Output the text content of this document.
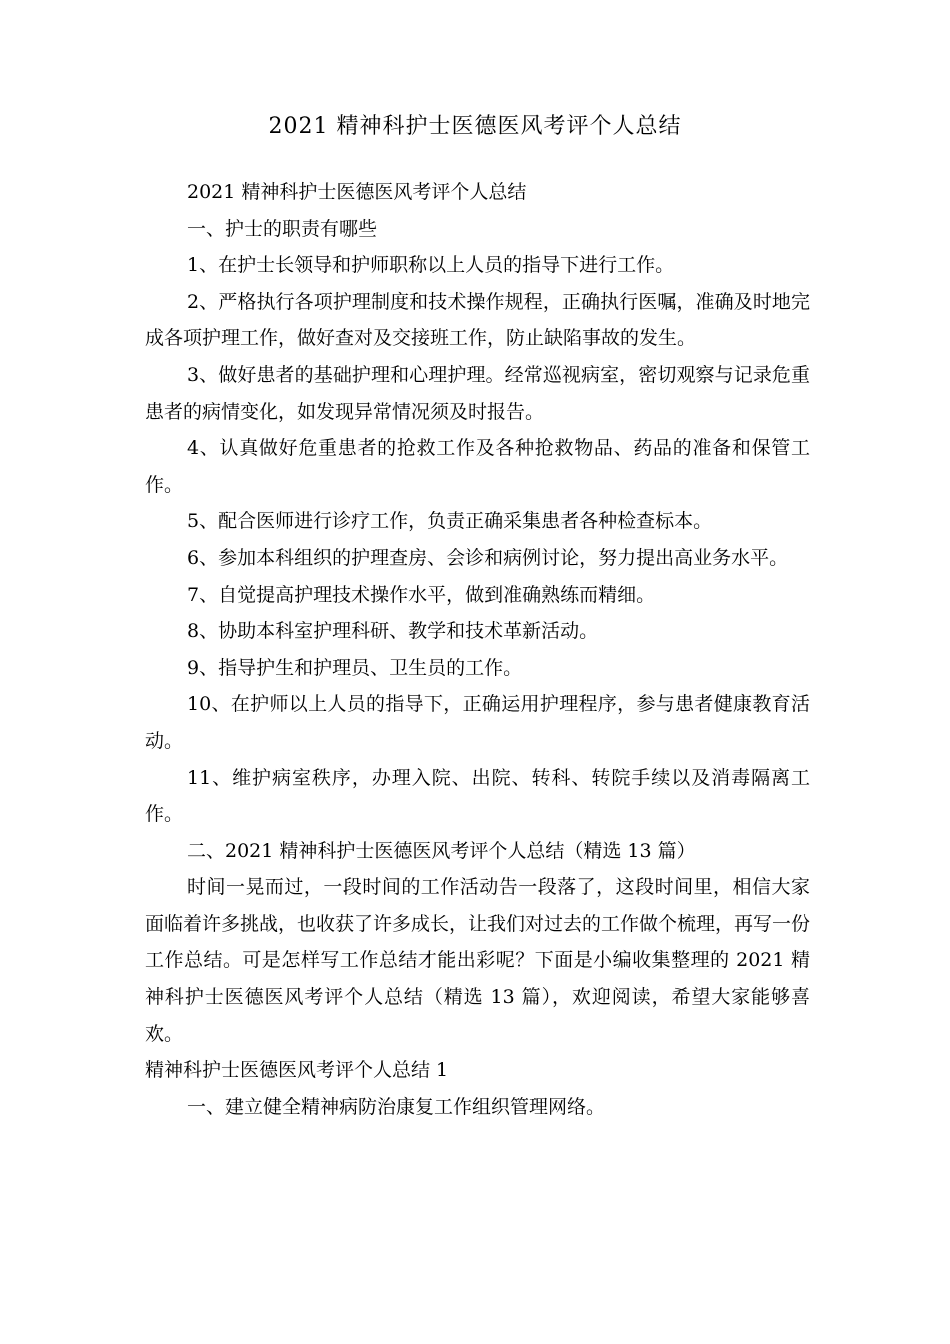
2021 精神科护士医德医风考评个人总结

2021 精神科护士医德医风考评个人总结

一、护士的职责有哪些

1、在护士长领导和护师职称以上人员的指导下进行工作。

2、严格执行各项护理制度和技术操作规程，正确执行医嘱，准确及时地完成各项护理工作，做好查对及交接班工作，防止缺陷事故的发生。

3、做好患者的基础护理和心理护理。经常巡视病室，密切观察与记录危重患者的病情变化，如发现异常情况须及时报告。

4、认真做好危重患者的抢救工作及各种抢救物品、药品的准备和保管工作。

5、配合医师进行诊疗工作，负责正确采集患者各种检查标本。

6、参加本科组织的护理查房、会诊和病例讨论，努力提出高业务水平。

7、自觉提高护理技术操作水平，做到准确熟练而精细。

8、协助本科室护理科研、教学和技术革新活动。

9、指导护生和护理员、卫生员的工作。

10、在护师以上人员的指导下，正确运用护理程序，参与患者健康教育活动。

11、维护病室秩序，办理入院、出院、转科、转院手续以及消毒隔离工作。

二、2021 精神科护士医德医风考评个人总结（精选 13 篇）

时间一晃而过，一段时间的工作活动告一段落了，这段时间里，相信大家面临着许多挑战，也收获了许多成长，让我们对过去的工作做个梳理，再写一份工作总结。可是怎样写工作总结才能出彩呢？下面是小编收集整理的 2021 精神科护士医德医风考评个人总结（精选 13 篇），欢迎阅读，希望大家能够喜欢。

精神科护士医德医风考评个人总结 1

一、建立健全精神病防治康复工作组织管理网络。
